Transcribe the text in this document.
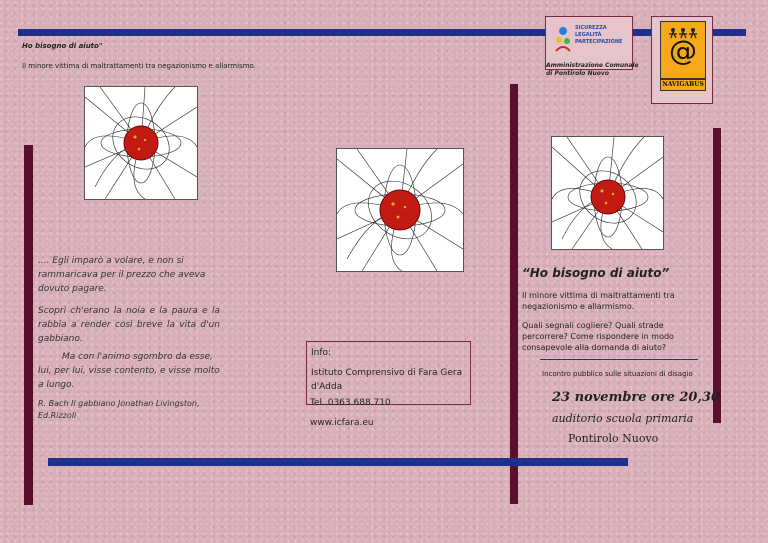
Ho bisogno di aiuto"
Il minore vittima di maltrattamenti tra negazionismo e allarmismo.
SICUREZZA LEGALITÀ PARTECIPAZIONE
Amministrazione Comunale
di Pontirolo Nuovo
@
NAVIGABUS

.... Egli imparò a volare, e non si rammaricava per il prezzo che aveva dovuto pagare.

Scoprì ch'erano la noia e la paura e la rabbia a render così breve la vita d'un gabbiano.

Ma con l'animo sgombro da esse, lui, per lui, visse contento, e visse molto a lungo.

R. Bach Il gabbiano Jonathan Livingston, Ed.Rizzoli

Info:
Istituto Comprensivo di Fara Gera d'Adda
Tel..0363.688.710
www.icfara.eu
“Ho bisogno di aiuto”

Il minore vittima di maltrattamenti tra negazionismo e allarmismo.

Quali segnali cogliere? Quali strade percorrere? Come rispondere in modo consapevole alla domanda di aiuto?

Incontro pubblico sulle situazioni di disagio
23 novembre ore 20,30
auditorio scuola primaria
Pontirolo Nuovo
